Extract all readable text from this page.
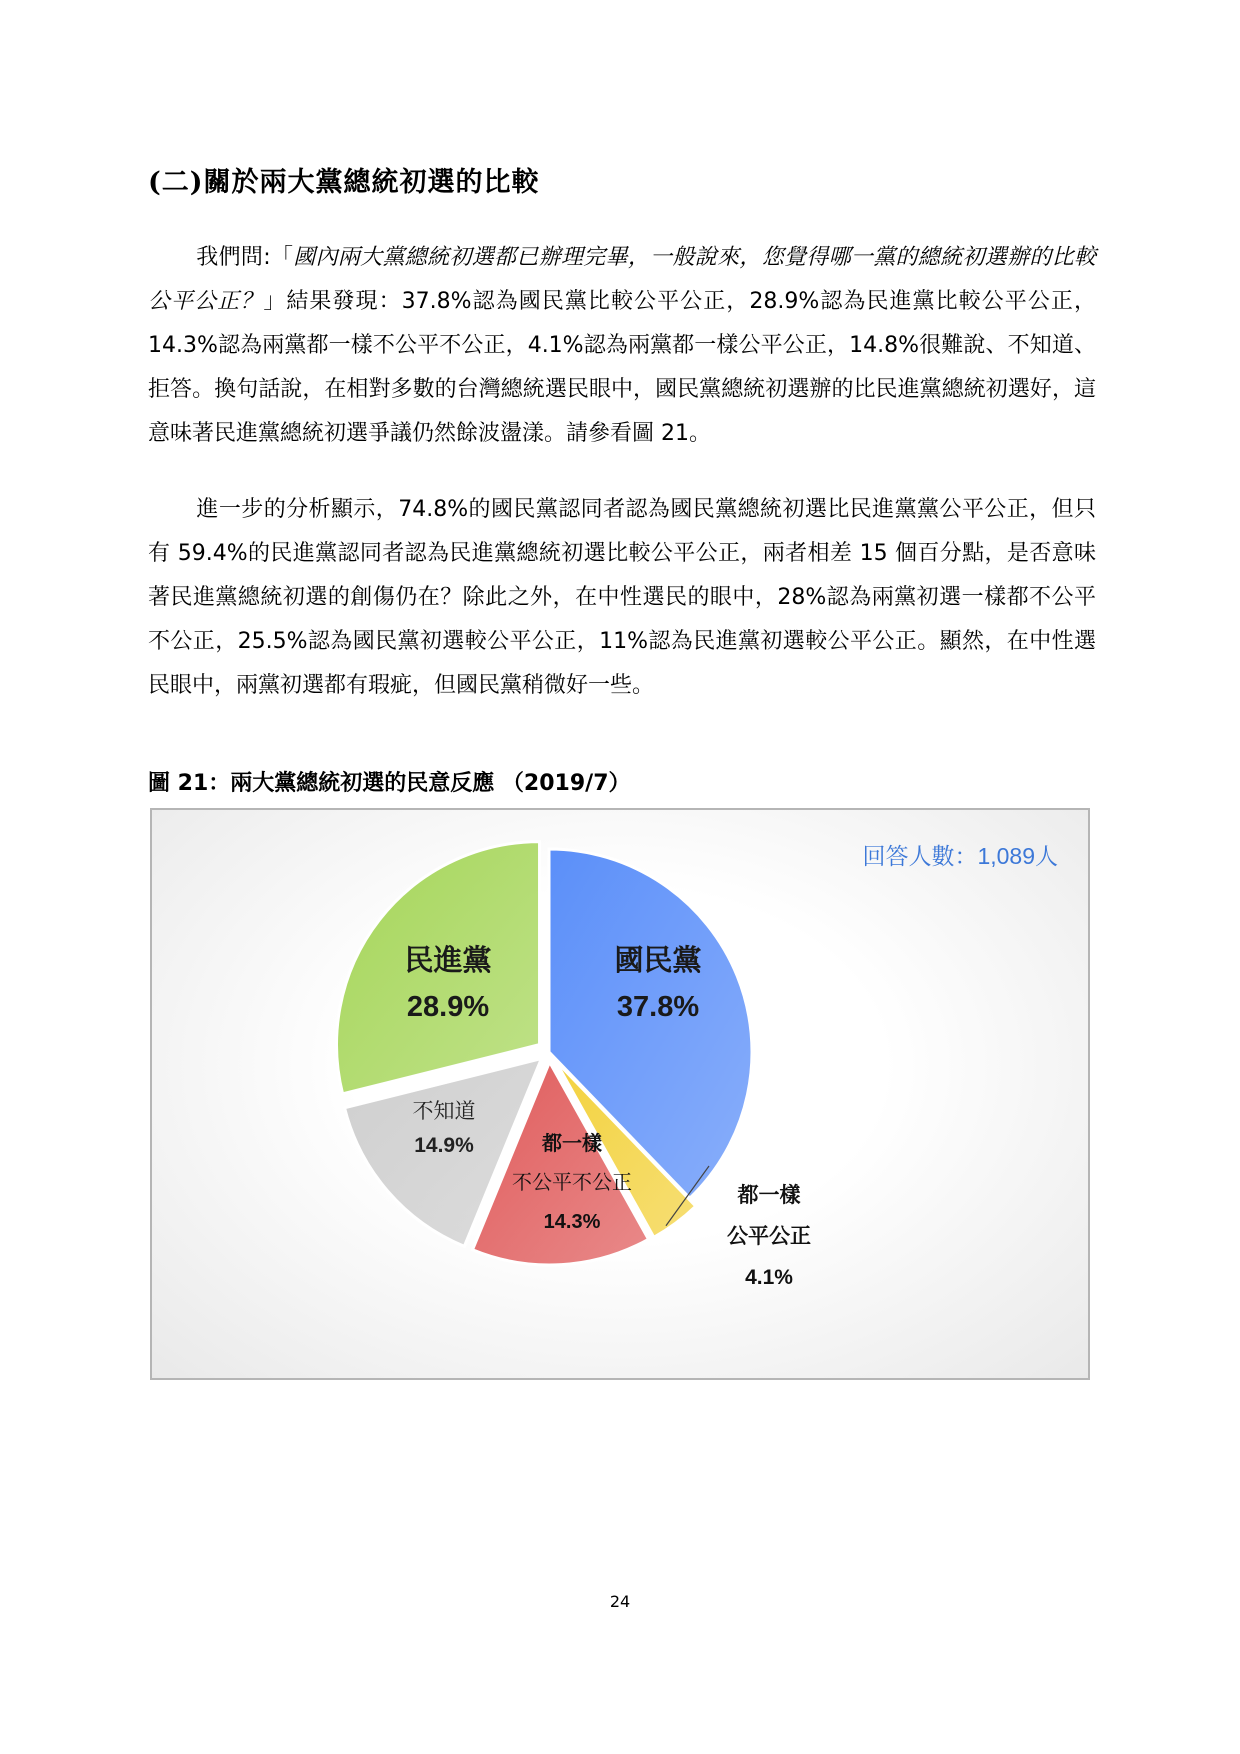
(二)關於兩大黨總統初選的比較
我們問:「國內兩大黨總統初選都已辦理完畢，一般說來，您覺得哪一黨的總統初選辦的比較公平公正？」結果發現：37.8%認為國民黨比較公平公正，28.9%認為民進黨比較公平公正，14.3%認為兩黨都一樣不公平不公正，4.1%認為兩黨都一樣公平公正，14.8%很難說、不知道、拒答。換句話說，在相對多數的台灣總統選民眼中，國民黨總統初選辦的比民進黨總統初選好，這意味著民進黨總統初選爭議仍然餘波盪漾。請參看圖 21。
進一步的分析顯示，74.8%的國民黨認同者認為國民黨總統初選比民進黨黨公平公正，但只有 59.4%的民進黨認同者認為民進黨總統初選比較公平公正，兩者相差 15 個百分點，是否意味著民進黨總統初選的創傷仍在？除此之外，在中性選民的眼中，28%認為兩黨初選一樣都不公平不公正，25.5%認為國民黨初選較公平公正，11%認為民進黨初選較公平公正。顯然，在中性選民眼中，兩黨初選都有瑕疵，但國民黨稍微好一些。
圖 21：兩大黨總統初選的民意反應 （2019/7）
回答人數：1,089人
國民黨
37.8%
都一樣
公平公正
4.1%
都一樣
不公平不公正
14.3%
不知道
14.9%
民進黨
28.9%
24
